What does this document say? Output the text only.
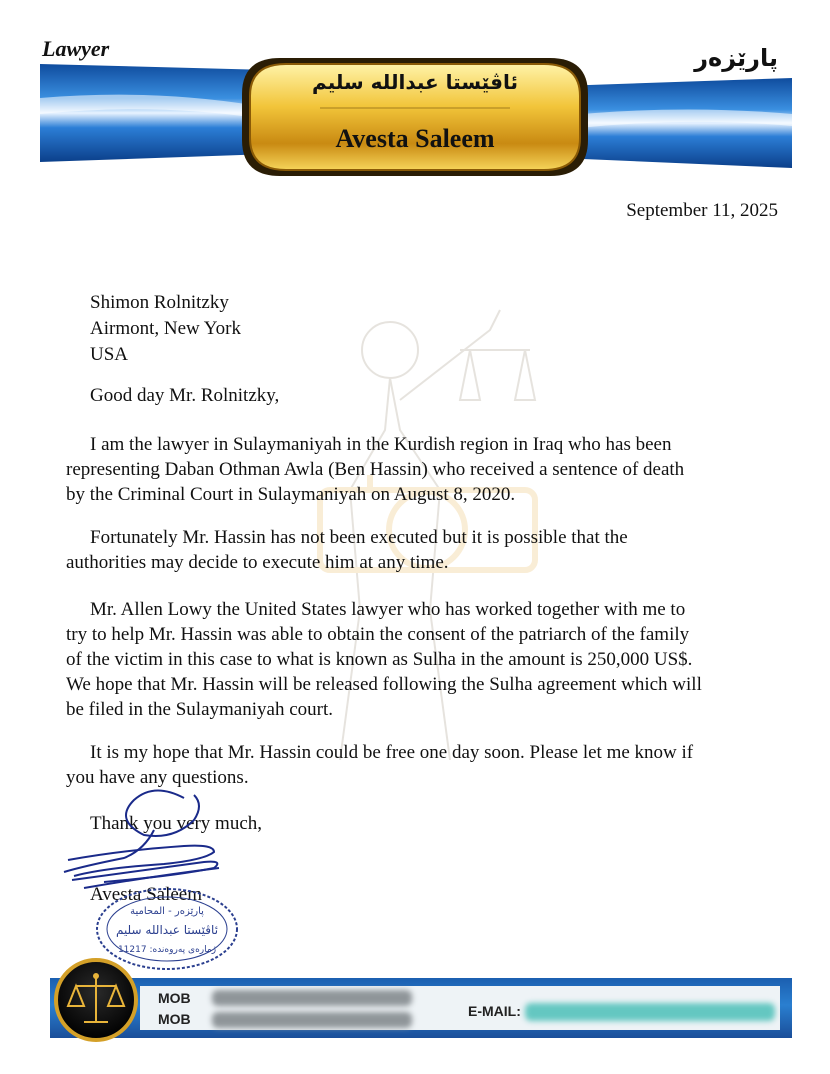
Lawyer	پارێزەر
ئاڤێستا عبداللە سلیم
Avesta Saleem
September 11, 2025
Shimon Rolnitzky
Airmont, New York
USA
Good day Mr. Rolnitzky,
I am the lawyer in Sulaymaniyah in the Kurdish region in Iraq who has been
representing Daban Othman Awla (Ben Hassin) who received a sentence of death
by the Criminal Court in Sulaymaniyah on August 8, 2020.
Fortunately Mr. Hassin has not been executed but it is possible that the
authorities may decide to execute him at any time.
Mr. Allen Lowy the United States lawyer who has worked together with me to
try to help Mr. Hassin was able to obtain the consent of the patriarch of the family
of the victim in this case to what is known as Sulha in the amount is 250,000 US$.
We hope that Mr. Hassin will be released following the Sulha agreement which will
be filed in the Sulaymaniyah court.
It is my hope that Mr. Hassin could be free one day soon. Please let me know if
you have any questions.
Thank you very much,
Avesta Saleem
پارێزەر - المحامية
ئاڤێستا عبداللە سلیم
ژمارەی پەروەندە: 11217
MOB
MOB	E-MAIL:
